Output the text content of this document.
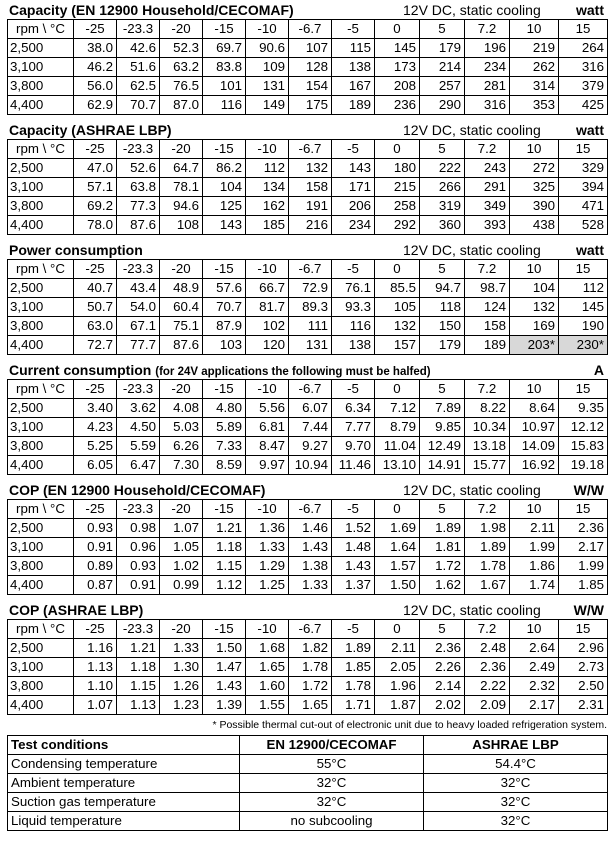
Capacity (EN 12900 Household/CECOMAF)	12V DC, static cooling	watt
rpm \ °C	-25	-23.3	-20	-15	-10	-6.7	-5	0	5	7.2	10	15
2,500	38.0	42.6	52.3	69.7	90.6	107	115	145	179	196	219	264
3,100	46.2	51.6	63.2	83.8	109	128	138	173	214	234	262	316
3,800	56.0	62.5	76.5	101	131	154	167	208	257	281	314	379
4,400	62.9	70.7	87.0	116	149	175	189	236	290	316	353	425
Capacity (ASHRAE LBP)	12V DC, static cooling	watt
rpm \ °C	-25	-23.3	-20	-15	-10	-6.7	-5	0	5	7.2	10	15
2,500	47.0	52.6	64.7	86.2	112	132	143	180	222	243	272	329
3,100	57.1	63.8	78.1	104	134	158	171	215	266	291	325	394
3,800	69.2	77.3	94.6	125	162	191	206	258	319	349	390	471
4,400	78.0	87.6	108	143	185	216	234	292	360	393	438	528
Power consumption	12V DC, static cooling	watt
rpm \ °C	-25	-23.3	-20	-15	-10	-6.7	-5	0	5	7.2	10	15
2,500	40.7	43.4	48.9	57.6	66.7	72.9	76.1	85.5	94.7	98.7	104	112
3,100	50.7	54.0	60.4	70.7	81.7	89.3	93.3	105	118	124	132	145
3,800	63.0	67.1	75.1	87.9	102	111	116	132	150	158	169	190
4,400	72.7	77.7	87.6	103	120	131	138	157	179	189	203*	230*
Current consumption (for 24V applications the following must be halfed)	A
rpm \ °C	-25	-23.3	-20	-15	-10	-6.7	-5	0	5	7.2	10	15
2,500	3.40	3.62	4.08	4.80	5.56	6.07	6.34	7.12	7.89	8.22	8.64	9.35
3,100	4.23	4.50	5.03	5.89	6.81	7.44	7.77	8.79	9.85	10.34	10.97	12.12
3,800	5.25	5.59	6.26	7.33	8.47	9.27	9.70	11.04	12.49	13.18	14.09	15.83
4,400	6.05	6.47	7.30	8.59	9.97	10.94	11.46	13.10	14.91	15.77	16.92	19.18
COP (EN 12900 Household/CECOMAF)	12V DC, static cooling W/W
rpm \ °C	-25	-23.3	-20	-15	-10	-6.7	-5	0	5	7.2	10	15
2,500	0.93	0.98	1.07	1.21	1.36	1.46	1.52	1.69	1.89	1.98	2.11	2.36
3,100	0.91	0.96	1.05	1.18	1.33	1.43	1.48	1.64	1.81	1.89	1.99	2.17
3,800	0.89	0.93	1.02	1.15	1.29	1.38	1.43	1.57	1.72	1.78	1.86	1.99
4,400	0.87	0.91	0.99	1.12	1.25	1.33	1.37	1.50	1.62	1.67	1.74	1.85
COP (ASHRAE LBP)	12V DC, static cooling W/W
rpm \ °C	-25	-23.3	-20	-15	-10	-6.7	-5	0	5	7.2	10	15
2,500	1.16	1.21	1.33	1.50	1.68	1.82	1.89	2.11	2.36	2.48	2.64	2.96
3,100	1.13	1.18	1.30	1.47	1.65	1.78	1.85	2.05	2.26	2.36	2.49	2.73
3,800	1.10	1.15	1.26	1.43	1.60	1.72	1.78	1.96	2.14	2.22	2.32	2.50
4,400	1.07	1.13	1.23	1.39	1.55	1.65	1.71	1.87	2.02	2.09	2.17	2.31
* Possible thermal cut-out of electronic unit due to heavy loaded refrigeration system.
Test conditions	EN 12900/CECOMAF	ASHRAE LBP
Condensing temperature	55°C	54.4°C
Ambient temperature	32°C	32°C
Suction gas temperature	32°C	32°C
Liquid temperature	no subcooling	32°C
